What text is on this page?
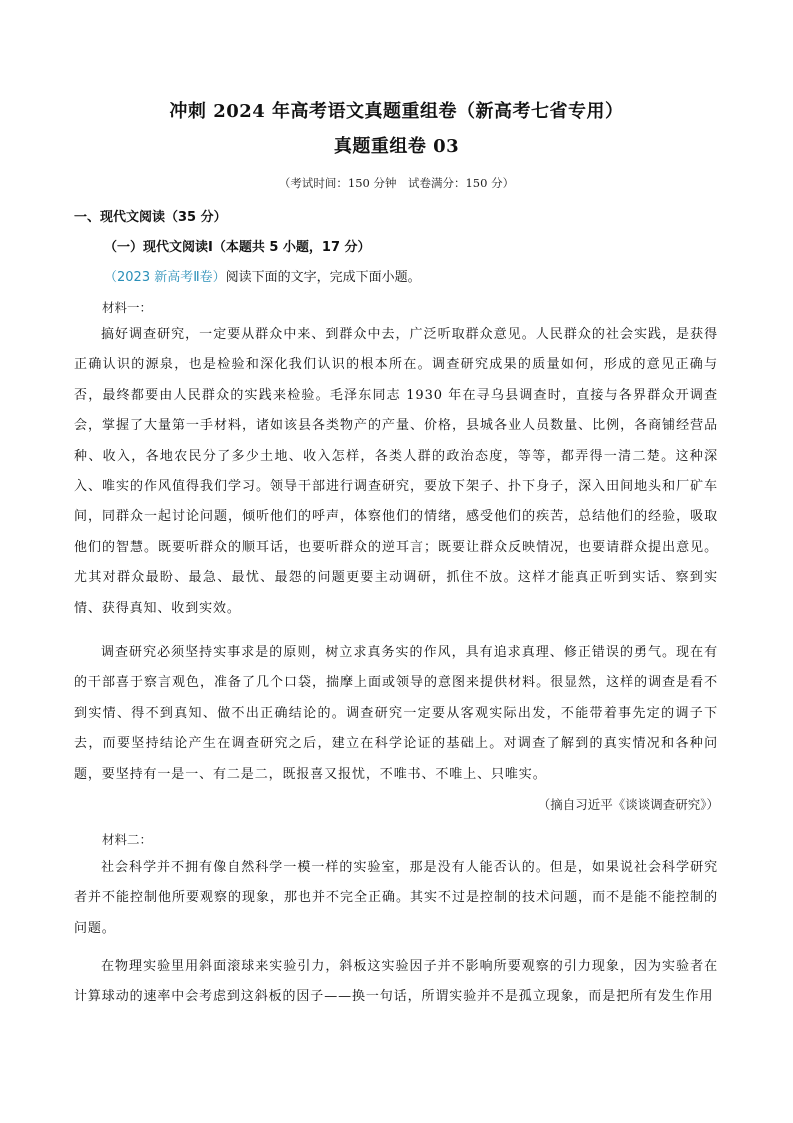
冲刺 2024 年高考语文真题重组卷（新高考七省专用）
真题重组卷 03
（考试时间：150 分钟　试卷满分：150 分）
一、现代文阅读（35 分）
（一）现代文阅读Ⅰ（本题共 5 小题，17 分）
（2023 新高考Ⅱ卷）阅读下面的文字，完成下面小题。
材料一：
搞好调查研究，一定要从群众中来、到群众中去，广泛听取群众意见。人民群众的社会实践，是获得正确认识的源泉，也是检验和深化我们认识的根本所在。调查研究成果的质量如何，形成的意见正确与否，最终都要由人民群众的实践来检验。毛泽东同志 1930 年在寻乌县调查时，直接与各界群众开调查会，掌握了大量第一手材料，诸如该县各类物产的产量、价格，县城各业人员数量、比例，各商铺经营品种、收入，各地农民分了多少土地、收入怎样，各类人群的政治态度，等等，都弄得一清二楚。这种深入、唯实的作风值得我们学习。领导干部进行调查研究，要放下架子、扑下身子，深入田间地头和厂矿车间，同群众一起讨论问题，倾听他们的呼声，体察他们的情绪，感受他们的疾苦，总结他们的经验，吸取他们的智慧。既要听群众的顺耳话，也要听群众的逆耳言；既要让群众反映情况，也要请群众提出意见。尤其对群众最盼、最急、最忧、最怨的问题更要主动调研，抓住不放。这样才能真正听到实话、察到实情、获得真知、收到实效。
调查研究必须坚持实事求是的原则，树立求真务实的作风，具有追求真理、修正错误的勇气。现在有的干部喜于察言观色，准备了几个口袋，揣摩上面或领导的意图来提供材料。很显然，这样的调查是看不到实情、得不到真知、做不出正确结论的。调查研究一定要从客观实际出发，不能带着事先定的调子下去，而要坚持结论产生在调查研究之后，建立在科学论证的基础上。对调查了解到的真实情况和各种问题，要坚持有一是一、有二是二，既报喜又报忧，不唯书、不唯上、只唯实。
（摘自习近平《谈谈调查研究》）
材料二：
社会科学并不拥有像自然科学一模一样的实验室，那是没有人能否认的。但是，如果说社会科学研究者并不能控制他所要观察的现象，那也并不完全正确。其实不过是控制的技术问题，而不是能不能控制的问题。
在物理实验里用斜面滚球来实验引力，斜板这实验因子并不影响所要观察的引力现象，因为实验者在计算球动的速率中会考虑到这斜板的因子——换一句话，所谓实验并不是孤立现象，而是把所有发生作用
